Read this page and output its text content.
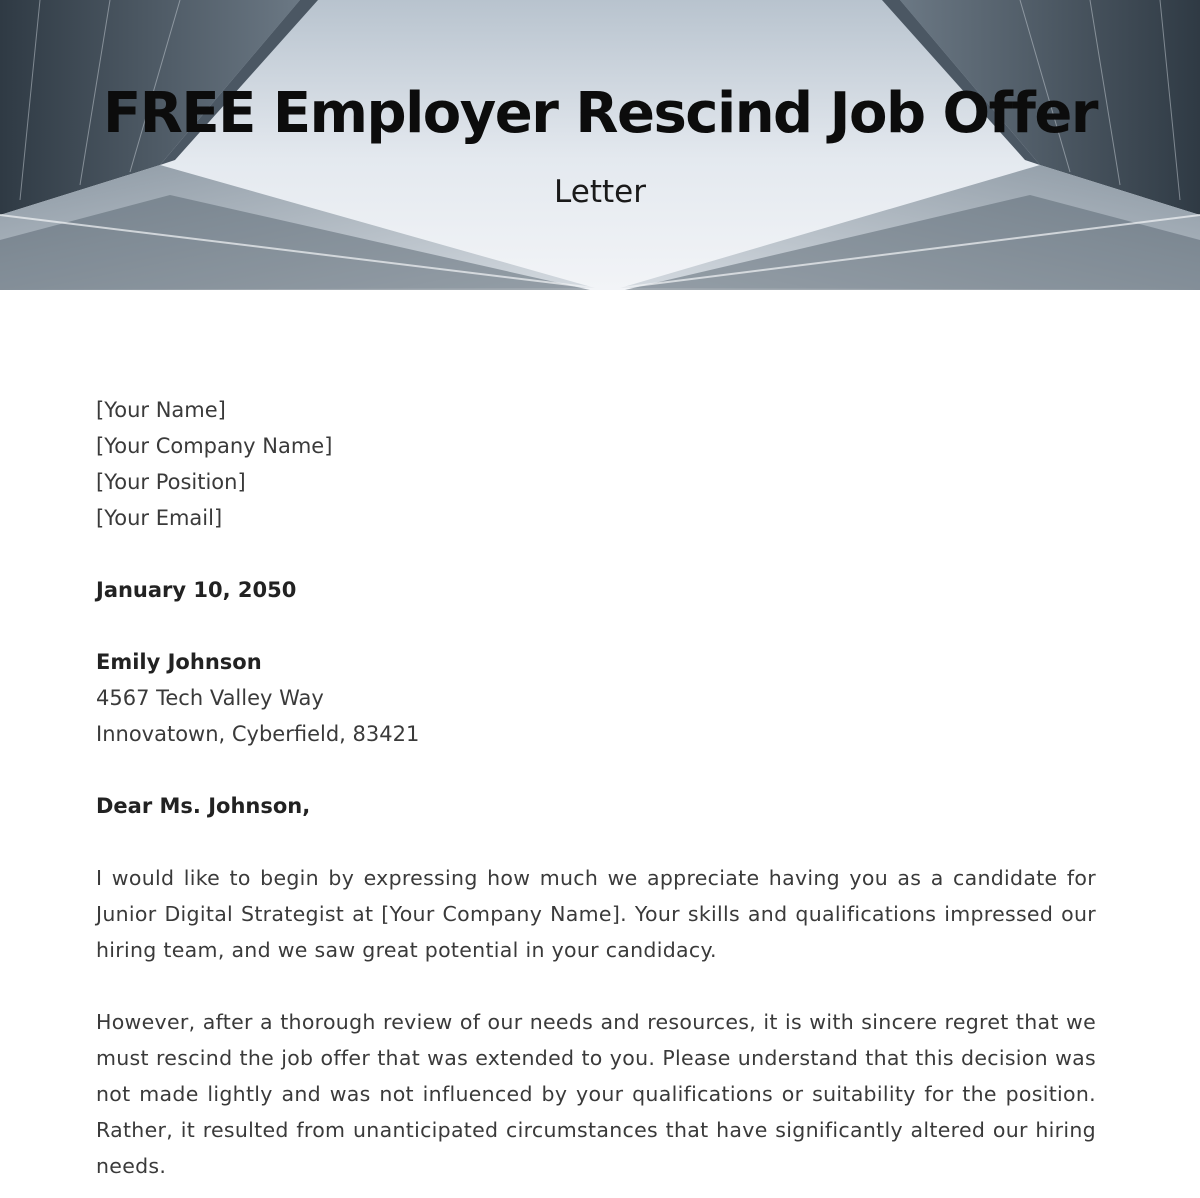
FREE Employer Rescind Job Offer
Letter
[Your Name]
[Your Company Name]
[Your Position]
[Your Email]
January 10, 2050
Emily Johnson
4567 Tech Valley Way
Innovatown, Cyberfield, 83421
Dear Ms. Johnson,

I would like to begin by expressing how much we appreciate having you as a candidate for Junior Digital Strategist at [Your Company Name]. Your skills and qualifications impressed our hiring team, and we saw great potential in your candidacy.

However, after a thorough review of our needs and resources, it is with sincere regret that we must rescind the job offer that was extended to you. Please understand that this decision was not made lightly and was not influenced by your qualifications or suitability for the position. Rather, it resulted from unanticipated circumstances that have significantly altered our hiring needs.
